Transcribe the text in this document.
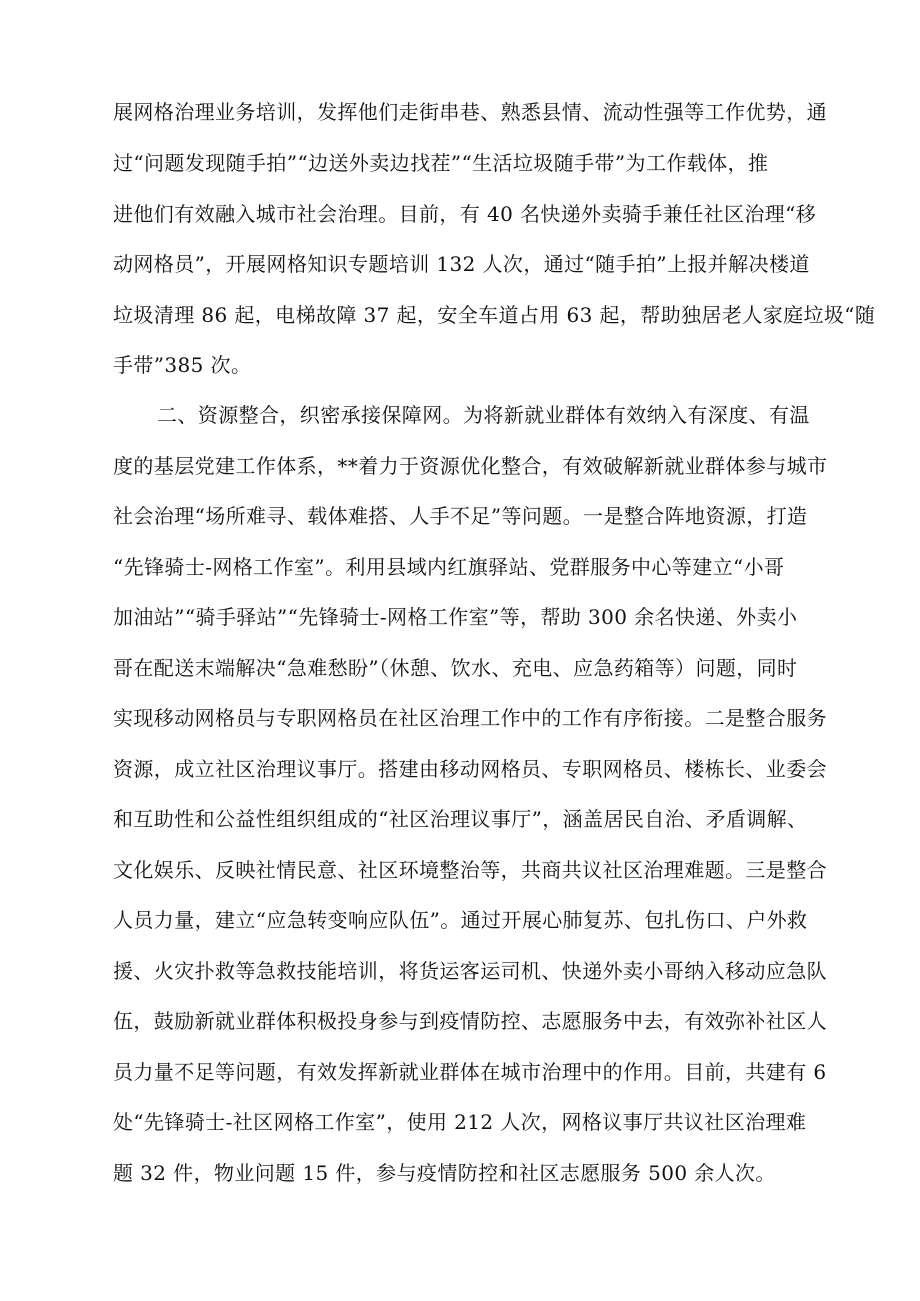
展网格治理业务培训，发挥他们走街串巷、熟悉县情、流动性强等工作优势，通
过“问题发现随手拍”“边送外卖边找茬”“生活垃圾随手带”为工作载体，推
进他们有效融入城市社会治理。目前，有 40 名快递外卖骑手兼任社区治理“移
动网格员”，开展网格知识专题培训 132 人次，通过“随手拍”上报并解决楼道
垃圾清理 86 起，电梯故障 37 起，安全车道占用 63 起，帮助独居老人家庭垃圾“随
手带”385 次。
二、资源整合，织密承接保障网。为将新就业群体有效纳入有深度、有温
度的基层党建工作体系，**着力于资源优化整合，有效破解新就业群体参与城市
社会治理“场所难寻、载体难搭、人手不足”等问题。一是整合阵地资源，打造
“先锋骑士-网格工作室”。利用县域内红旗驿站、党群服务中心等建立“小哥
加油站”“骑手驿站”“先锋骑士-网格工作室”等，帮助 300 余名快递、外卖小
哥在配送末端解决“急难愁盼”（休憩、饮水、充电、应急药箱等）问题，同时
实现移动网格员与专职网格员在社区治理工作中的工作有序衔接。二是整合服务
资源，成立社区治理议事厅。搭建由移动网格员、专职网格员、楼栋长、业委会
和互助性和公益性组织组成的“社区治理议事厅”，涵盖居民自治、矛盾调解、
文化娱乐、反映社情民意、社区环境整治等，共商共议社区治理难题。三是整合
人员力量，建立“应急转变响应队伍”。通过开展心肺复苏、包扎伤口、户外救
援、火灾扑救等急救技能培训，将货运客运司机、快递外卖小哥纳入移动应急队
伍，鼓励新就业群体积极投身参与到疫情防控、志愿服务中去，有效弥补社区人
员力量不足等问题，有效发挥新就业群体在城市治理中的作用。目前，共建有 6
处“先锋骑士-社区网格工作室”，使用 212 人次，网格议事厅共议社区治理难
题 32 件，物业问题 15 件，参与疫情防控和社区志愿服务 500 余人次。
